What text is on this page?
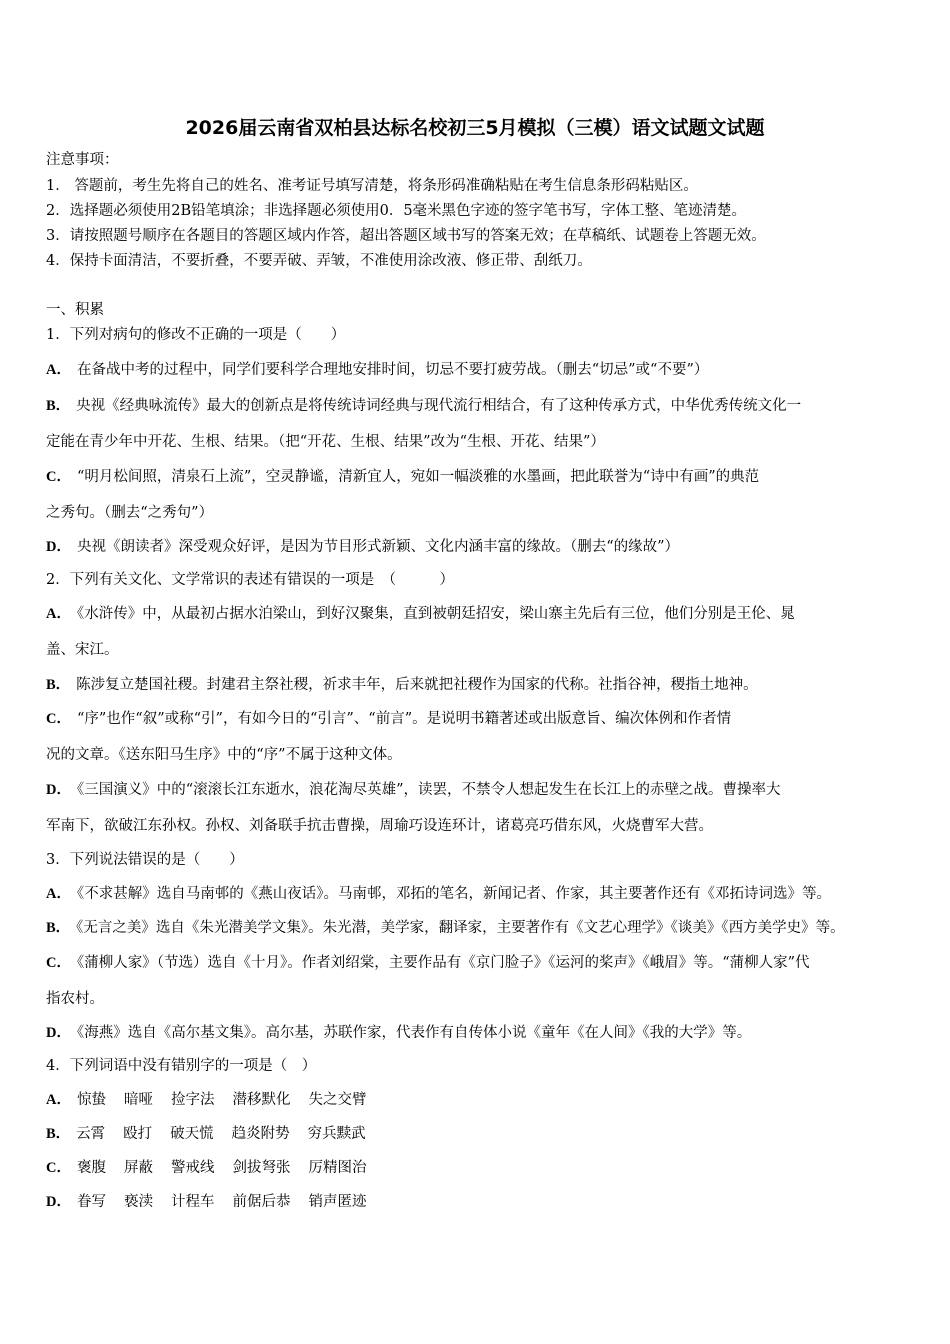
2026届云南省双柏县达标名校初三5月模拟（三模）语文试题文试题
注意事项：
1． 答题前，考生先将自己的姓名、准考证号填写清楚，将条形码准确粘贴在考生信息条形码粘贴区。
2．选择题必须使用2B铅笔填涂；非选择题必须使用0．5毫米黑色字迹的签字笔书写，字体工整、笔迹清楚。
3．请按照题号顺序在各题目的答题区域内作答，超出答题区域书写的答案无效；在草稿纸、试题卷上答题无效。
4．保持卡面清洁，不要折叠，不要弄破、弄皱，不准使用涂改液、修正带、刮纸刀。
一、积累
1．下列对病句的修改不正确的一项是（　　）
A． 在备战中考的过程中，同学们要科学合理地安排时间，切忌不要打疲劳战。（删去“切忌”或“不要”）
B． 央视《经典咏流传》最大的创新点是将传统诗词经典与现代流行相结合，有了这种传承方式，中华优秀传统文化一
定能在青少年中开花、生根、结果。（把“开花、生根、结果”改为“生根、开花、结果”）
C． “明月松间照，清泉石上流”，空灵静谧，清新宜人，宛如一幅淡雅的水墨画，把此联誉为“诗中有画”的典范
之秀句。（删去“之秀句”）
D． 央视《朗读者》深受观众好评，是因为节目形式新颖、文化内涵丰富的缘故。（删去“的缘故”）
2．下列有关文化、文学常识的表述有错误的一项是　（　　　）
A． 《水浒传》中，从最初占据水泊梁山，到好汉聚集，直到被朝廷招安，梁山寨主先后有三位，他们分别是王伦、晁
盖、宋江。
B． 陈涉复立楚国社稷。封建君主祭社稷，祈求丰年，后来就把社稷作为国家的代称。社指谷神，稷指土地神。
C． “序”也作“叙”或称“引”，有如今日的“引言”、“前言”。是说明书籍著述或出版意旨、编次体例和作者情
况的文章。《送东阳马生序》中的“序”不属于这种文体。
D． 《三国演义》中的“滚滚长江东逝水，浪花淘尽英雄”，读罢，不禁令人想起发生在长江上的赤壁之战。曹操率大
军南下，欲破江东孙权。孙权、刘备联手抗击曹操，周瑜巧设连环计，诸葛亮巧借东风，火烧曹军大营。
3．下列说法错误的是（　　）
A． 《不求甚解》选自马南邨的《燕山夜话》。马南邨，邓拓的笔名，新闻记者、作家，其主要著作还有《邓拓诗词选》等。
B． 《无言之美》选自《朱光潜美学文集》。朱光潜，美学家，翻译家，主要著作有《文艺心理学》《谈美》《西方美学史》等。
C． 《蒲柳人家》（节选）选自《十月》。作者刘绍棠，主要作品有《京门脸子》《运河的桨声》《峨眉》等。“蒲柳人家”代
指农村。
D． 《海燕》选自《高尔基文集》。高尔基，苏联作家，代表作有自传体小说《童年《在人间》《我的大学》等。
4．下列词语中没有错别字的一项是（　）
A． 惊蛰 暗哑 捡字法 潜移默化 失之交臂
B． 云霄 殴打 破天慌 趋炎附势 穷兵黩武
C． 褒腹 屏蔽 警戒线 剑拔弩张 厉精图治
D． 眷写 亵渎 计程车 前倨后恭 销声匿迹
